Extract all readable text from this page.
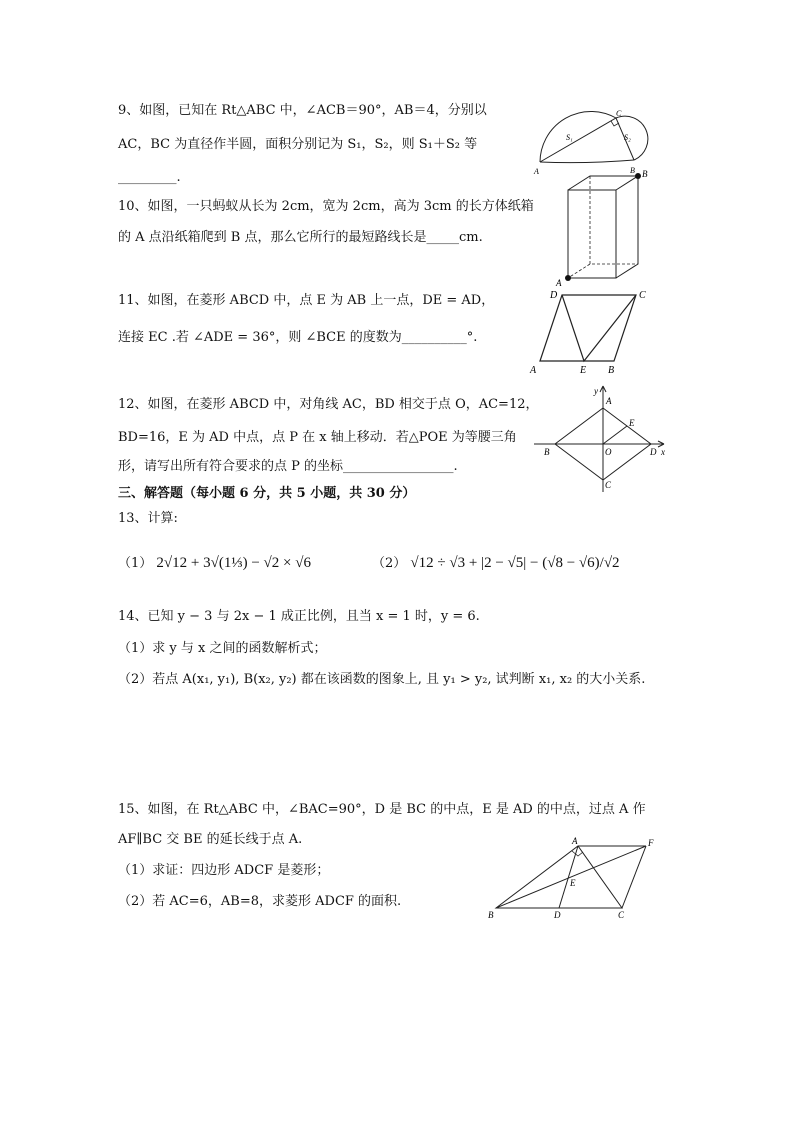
9、如图，已知在 Rt△ABC 中，∠ACB＝90°，AB＝4，分别以
AC，BC 为直径作半圆，面积分别记为 S₁，S₂，则 S₁＋S₂ 等
_________.	A	B
C
S₁	S₂
10、如图，一只蚂蚁从长为 2cm，宽为 2cm，高为 3cm 的长方体纸箱
的 A 点沿纸箱爬到 B 点，那么它所行的最短路线长是_____cm.
A
B
11、如图，在菱形 ABCD 中，点 E 为 AB 上一点，DE = AD，
连接 EC .若 ∠ADE = 36°，则 ∠BCE 的度数为__________°.
D	C
A	E B
12、如图，在菱形 ABCD 中，对角线 AC，BD 相交于点 O，AC=12，
BD=16，E 为 AD 中点，点 P 在 x 轴上移动．若△POE 为等腰三角
形，请写出所有符合要求的点 P 的坐标_________________.
y
A
E
B	O	D x
C
三、解答题（每小题 6 分，共 5 小题，共 30 分）
13、计算:
（1） 2√12 + 3√(1⅓) − √2 × √6	（2） √12 ÷ √3 + |2 − √5| − (√8 − √6)/√2
14、已知 y − 3 与 2x − 1 成正比例，且当 x = 1 时，y = 6.
（1）求 y 与 x 之间的函数解析式；
（2）若点 A(x₁, y₁), B(x₂, y₂) 都在该函数的图象上, 且 y₁ > y₂, 试判断 x₁, x₂ 的大小关系.
15、如图，在 Rt△ABC 中，∠BAC=90°，D 是 BC 的中点，E 是 AD 的中点，过点 A 作
AF∥BC 交 BE 的延长线于点 A.
（1）求证：四边形 ADCF 是菱形；
（2）若 AC=6，AB=8，求菱形 ADCF 的面积.
A	F
E
B	D	C
